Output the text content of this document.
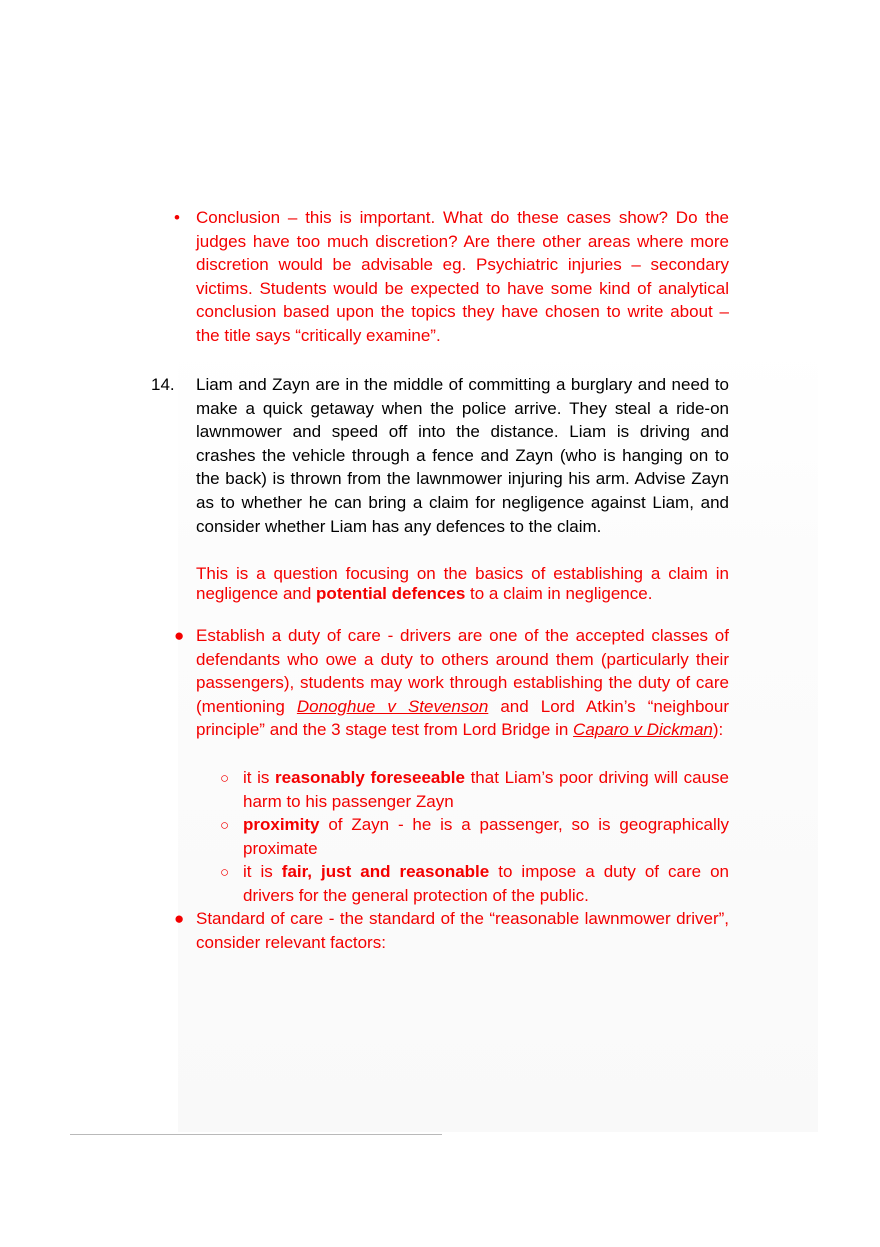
• Conclusion – this is important. What do these cases show? Do the judges have too much discretion? Are there other areas where more discretion would be advisable eg. Psychiatric injuries – secondary victims. Students would be expected to have some kind of analytical conclusion based upon the topics they have chosen to write about – the title says “critically examine”.
14. Liam and Zayn are in the middle of committing a burglary and need to make a quick getaway when the police arrive. They steal a ride-on lawnmower and speed off into the distance. Liam is driving and crashes the vehicle through a fence and Zayn (who is hanging on to the back) is thrown from the lawnmower injuring his arm. Advise Zayn as to whether he can bring a claim for negligence against Liam, and consider whether Liam has any defences to the claim.
This is a question focusing on the basics of establishing a claim in negligence and potential defences to a claim in negligence.
● Establish a duty of care - drivers are one of the accepted classes of defendants who owe a duty to others around them (particularly their passengers), students may work through establishing the duty of care (mentioning Donoghue v Stevenson and Lord Atkin’s “neighbour principle” and the 3 stage test from Lord Bridge in Caparo v Dickman):
○ it is reasonably foreseeable that Liam’s poor driving will cause harm to his passenger Zayn
○ proximity of Zayn - he is a passenger, so is geographically proximate
○ it is fair, just and reasonable to impose a duty of care on drivers for the general protection of the public.
● Standard of care - the standard of the “reasonable lawnmower driver”, consider relevant factors:
